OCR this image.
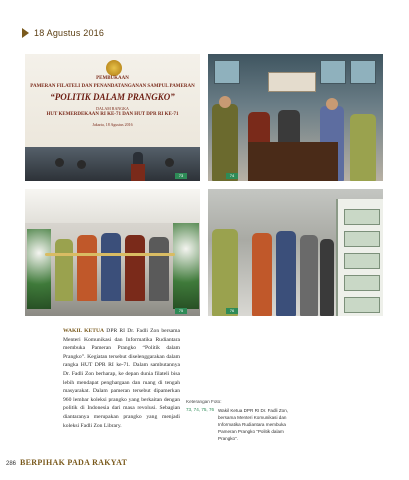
18 Agustus 2016
PEMBUKAAN
PAMERAN FILATELI DAN PENANDATANGANAN SAMPUL PAMERAN
“POLITIK DALAM PRANGKO”
DALAM RANGKA
HUT KEMERDEKAAN RI KE-71 DAN HUT DPR RI KE-71
Jakarta, 18 Agustus 2016
73	74
75	76
WAKIL KETUA DPR RI Dr. Fadli Zon bersama Menteri Komunikasi dan Informatika Rudiantara membuka Pameran Prangko “Politik dalam Prangko”. Kegiatan tersebut diselenggarakan dalam rangka HUT DPR RI ke-71. Dalam sambutannya Dr. Fadli Zon berharap, ke depan dunia filateli bisa lebih mendapat penghargaan dan ruang di tengah masyarakat. Dalam pameran tersebut dipamerkan 960 lembar koleksi prangko yang berkaitan dengan politik di Indonesia dari masa revolusi. Sebagian diantaranya merupakan prangko yang menjadi koleksi Fadli Zon Library.
Keterangan Foto:
73, 74, 75, 76 Wakil Ketua DPR RI Dr. Fadli Zon, bersama Menteri Komunikasi dan Informatika Rudiantara membuka Pameran Prangko “Politik dalam Prangko”.
286 BERPIHAK PADA RAKYAT
